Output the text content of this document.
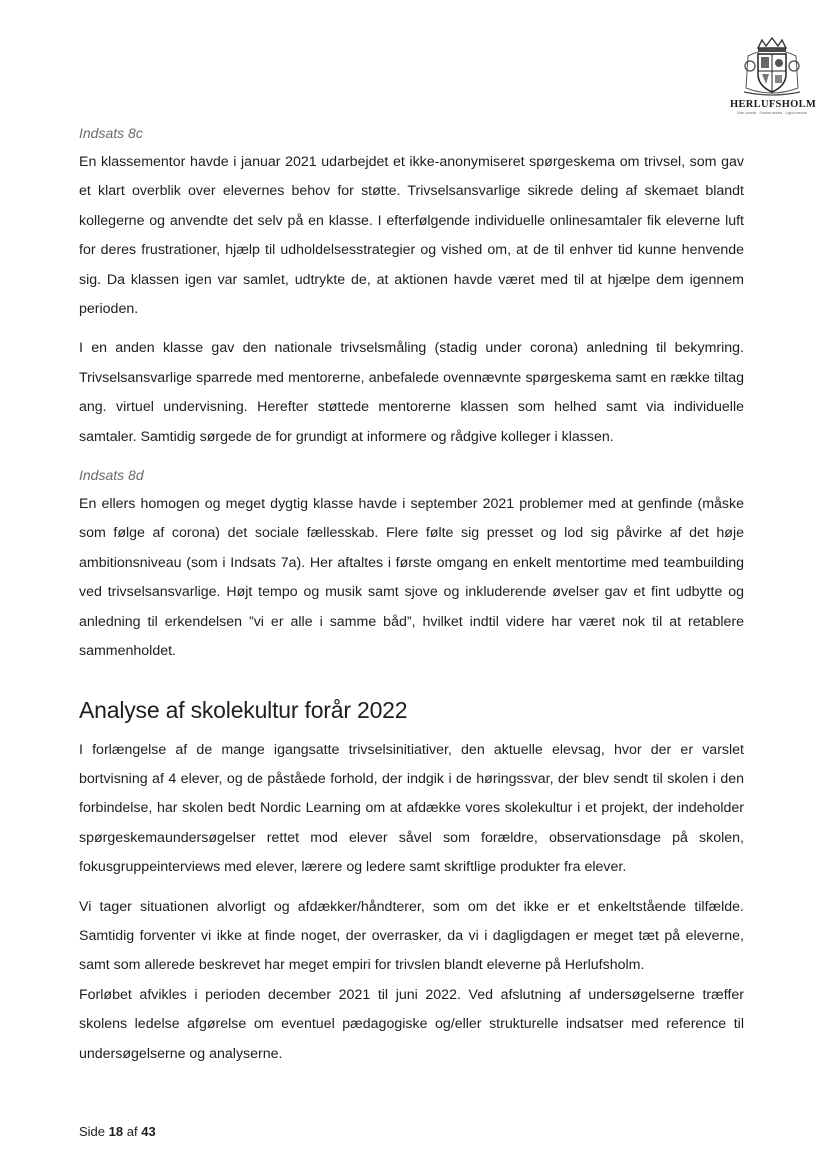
HERLUFSHOLM
Vide cunctis · Sumus omnes · Ligna mecum

Indsats 8c

En klassementor havde i januar 2021 udarbejdet et ikke-anonymiseret spørgeskema om trivsel, som gav et klart overblik over elevernes behov for støtte. Trivselsansvarlige sikrede deling af skemaet blandt kollegerne og anvendte det selv på en klasse. I efterfølgende individuelle onlinesamtaler fik eleverne luft for deres frustrationer, hjælp til udholdelsesstrategier og vished om, at de til enhver tid kunne henvende sig. Da klassen igen var samlet, udtrykte de, at aktionen havde været med til at hjælpe dem igennem perioden.

I en anden klasse gav den nationale trivselsmåling (stadig under corona) anledning til bekymring. Trivselsansvarlige sparrede med mentorerne, anbefalede ovennævnte spørgeskema samt en række tiltag ang. virtuel undervisning. Herefter støttede mentorerne klassen som helhed samt via individuelle samtaler. Samtidig sørgede de for grundigt at informere og rådgive kolleger i klassen.

Indsats 8d

En ellers homogen og meget dygtig klasse havde i september 2021 problemer med at genfinde (måske som følge af corona) det sociale fællesskab. Flere følte sig presset og lod sig påvirke af det høje ambitionsniveau (som i Indsats 7a). Her aftaltes i første omgang en enkelt mentortime med teambuilding ved trivselsansvarlige. Højt tempo og musik samt sjove og inkluderende øvelser gav et fint udbytte og anledning til erkendelsen ”vi er alle i samme båd”, hvilket indtil videre har været nok til at retablere sammenholdet.

Analyse af skolekultur forår 2022

I forlængelse af de mange igangsatte trivselsinitiativer, den aktuelle elevsag, hvor der er varslet bortvisning af 4 elever, og de påståede forhold, der indgik i de høringssvar, der blev sendt til skolen i den forbindelse, har skolen bedt Nordic Learning om at afdække vores skolekultur i et projekt, der indeholder spørgeskemaundersøgelser rettet mod elever såvel som forældre, observationsdage på skolen, fokusgruppeinterviews med elever, lærere og ledere samt skriftlige produkter fra elever.

Vi tager situationen alvorligt og afdækker/håndterer, som om det ikke er et enkeltstående tilfælde. Samtidig forventer vi ikke at finde noget, der overrasker, da vi i dagligdagen er meget tæt på eleverne, samt som allerede beskrevet har meget empiri for trivslen blandt eleverne på Herlufsholm.

Forløbet afvikles i perioden december 2021 til juni 2022. Ved afslutning af undersøgelserne træffer skolens ledelse afgørelse om eventuel pædagogiske og/eller strukturelle indsatser med reference til undersøgelserne og analyserne.

Side 18 af 43
